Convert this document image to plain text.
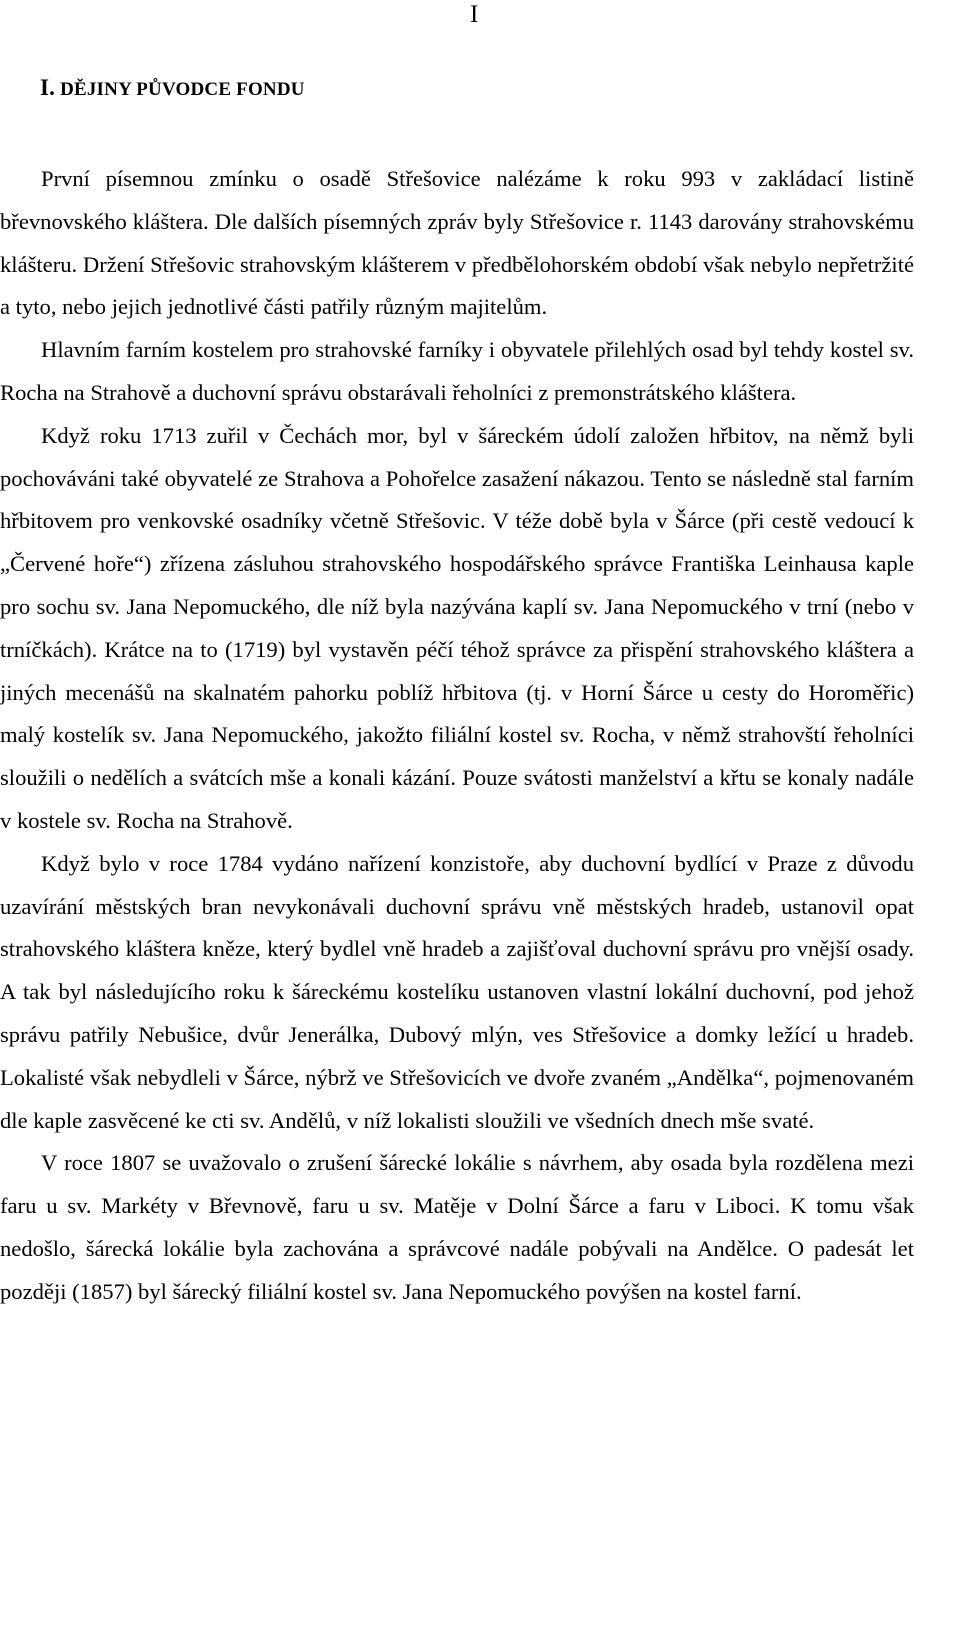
I
I. DĚJINY PŮVODCE FONDU

První písemnou zmínku o osadě Střešovice nalézáme k roku 993 v zakládací listině břevnovského kláštera. Dle dalších písemných zpráv byly Střešovice r. 1143 darovány strahovskému klášteru. Držení Střešovic strahovským klášterem v předbělohorském období však nebylo nepřetržité a tyto, nebo jejich jednotlivé části patřily různým majitelům.

Hlavním farním kostelem pro strahovské farníky i obyvatele přilehlých osad byl tehdy kostel sv. Rocha na Strahově a duchovní správu obstarávali řeholníci z premonstrátského kláštera.

Když roku 1713 zuřil v Čechách mor, byl v šáreckém údolí založen hřbitov, na němž byli pochováváni také obyvatelé ze Strahova a Pohořelce zasažení nákazou. Tento se následně stal farním hřbitovem pro venkovské osadníky včetně Střešovic. V téže době byla v Šárce (při cestě vedoucí k „Červené hoře“) zřízena zásluhou strahovského hospodářského správce Františka Leinhausa kaple pro sochu sv. Jana Nepomuckého, dle níž byla nazývána kaplí sv. Jana Nepomuckého v trní (nebo v trníčkách). Krátce na to (1719) byl vystavěn péčí téhož správce za přispění strahovského kláštera a jiných mecenášů na skalnatém pahorku poblíž hřbitova (tj. v Horní Šárce u cesty do Horoměřic) malý kostelík sv. Jana Nepomuckého, jakožto filiální kostel sv. Rocha, v němž strahovští řeholníci sloužili o nedělích a svátcích mše a konali kázání. Pouze svátosti manželství a křtu se konaly nadále v kostele sv. Rocha na Strahově.

Když bylo v roce 1784 vydáno nařízení konzistoře, aby duchovní bydlící v Praze z důvodu uzavírání městských bran nevykonávali duchovní správu vně městských hradeb, ustanovil opat strahovského kláštera kněze, který bydlel vně hradeb a zajišťoval duchovní správu pro vnější osady. A tak byl následujícího roku k šáreckému kostelíku ustanoven vlastní lokální duchovní, pod jehož správu patřily Nebušice, dvůr Jenerálka, Dubový mlýn, ves Střešovice a domky ležící u hradeb. Lokalisté však nebydleli v Šárce, nýbrž ve Střešovicích ve dvoře zvaném „Andělka“, pojmenovaném dle kaple zasvěcené ke cti sv. Andělů, v níž lokalisti sloužili ve všedních dnech mše svaté.

V roce 1807 se uvažovalo o zrušení šárecké lokálie s návrhem, aby osada byla rozdělena mezi faru u sv. Markéty v Břevnově, faru u sv. Matěje v Dolní Šárce a faru v Liboci. K tomu však nedošlo, šárecká lokálie byla zachována a správcové nadále pobývali na Andělce. O padesát let později (1857) byl šárecký filiální kostel sv. Jana Nepomuckého povýšen na kostel farní.
